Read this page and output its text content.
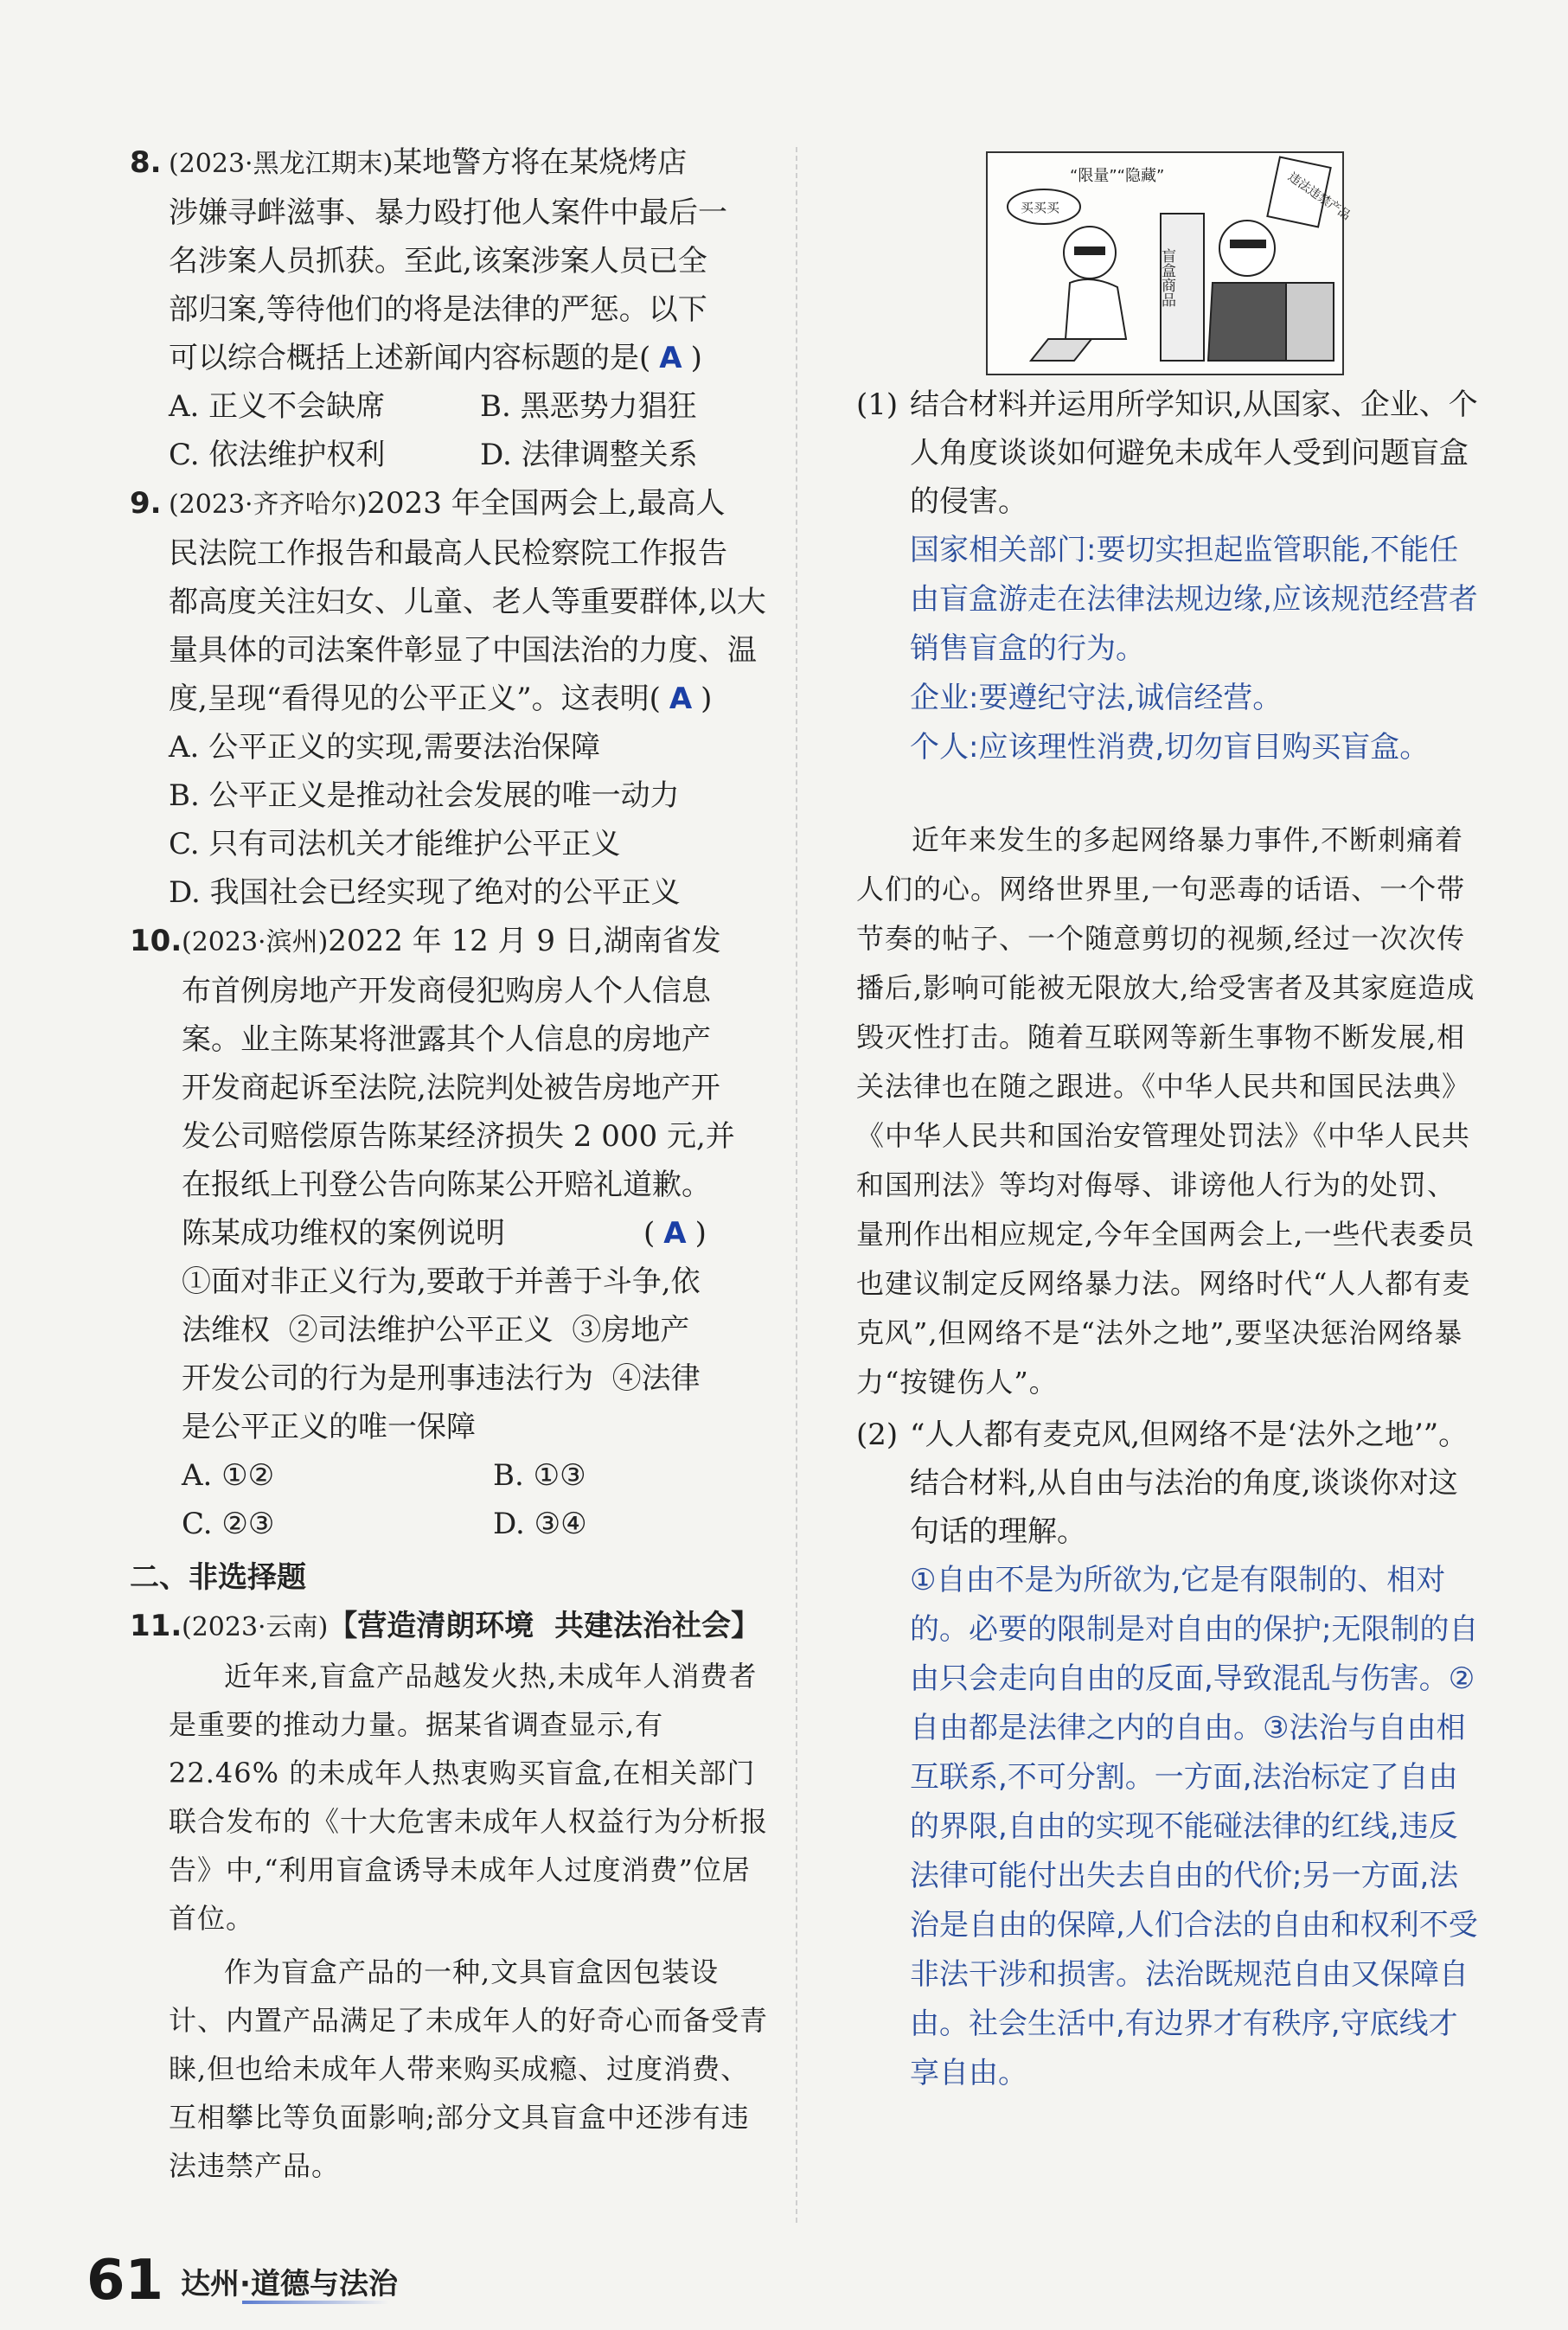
8. (2023·黑龙江期末)某地警方将在某烧烤店
涉嫌寻衅滋事、暴力殴打他人案件中最后一
名涉案人员抓获。至此,该案涉案人员已全
部归案,等待他们的将是法律的严惩。以下
可以综合概括上述新闻内容标题的是( A )
A. 正义不会缺席	B. 黑恶势力猖狂
C. 依法维护权利	D. 法律调整关系
9. (2023·齐齐哈尔)2023 年全国两会上,最高人
民法院工作报告和最高人民检察院工作报告
都高度关注妇女、儿童、老人等重要群体,以大
量具体的司法案件彰显了中国法治的力度、温
度,呈现“看得见的公平正义”。这表明( A )
A. 公平正义的实现,需要法治保障
B. 公平正义是推动社会发展的唯一动力
C. 只有司法机关才能维护公平正义
D. 我国社会已经实现了绝对的公平正义
10. (2023·滨州)2022 年 12 月 9 日,湖南省发
布首例房地产开发商侵犯购房人个人信息
案。业主陈某将泄露其个人信息的房地产
开发商起诉至法院,法院判处被告房地产开
发公司赔偿原告陈某经济损失 2 000 元,并
在报纸上刊登公告向陈某公开赔礼道歉。
陈某成功维权的案例说明	( A )
①面对非正义行为,要敢于并善于斗争,依
法维权  ②司法维护公平正义  ③房地产
开发公司的行为是刑事违法行为  ④法律
是公平正义的唯一保障
A. ①②	B. ①③
C. ②③	D. ③④
二、非选择题
11. (2023·云南)【营造清朗环境  共建法治社会】

近年来,盲盒产品越发火热,未成年人消费者是重要的推动力量。据某省调查显示,有 22.46% 的未成年人热衷购买盲盒,在相关部门联合发布的《十大危害未成年人权益行为分析报告》中,“利用盲盒诱导未成年人过度消费”位居首位。

作为盲盒产品的一种,文具盲盒因包装设计、内置产品满足了未成年人的好奇心而备受青睐,但也给未成年人带来购买成瘾、过度消费、互相攀比等负面影响;部分文具盲盒中还涉有违法违禁产品。

“限量”“隐藏”
买买买
盲盒商品
违法违禁产品
(1) 结合材料并运用所学知识,从国家、企业、个人角度谈谈如何避免未成年人受到问题盲盒的侵害。

国家相关部门:要切实担起监管职能,不能任由盲盒游走在法律法规边缘,应该规范经营者销售盲盒的行为。

企业:要遵纪守法,诚信经营。

个人:应该理性消费,切勿盲目购买盲盒。

近年来发生的多起网络暴力事件,不断刺痛着人们的心。网络世界里,一句恶毒的话语、一个带节奏的帖子、一个随意剪切的视频,经过一次次传播后,影响可能被无限放大,给受害者及其家庭造成毁灭性打击。随着互联网等新生事物不断发展,相关法律也在随之跟进。《中华人民共和国民法典》《中华人民共和国治安管理处罚法》《中华人民共和国刑法》等均对侮辱、诽谤他人行为的处罚、量刑作出相应规定,今年全国两会上,一些代表委员也建议制定反网络暴力法。网络时代“人人都有麦克风”,但网络不是“法外之地”,要坚决惩治网络暴力“按键伤人”。

(2) “人人都有麦克风,但网络不是‘法外之地’”。结合材料,从自由与法治的角度,谈谈你对这句话的理解。

①自由不是为所欲为,它是有限制的、相对的。必要的限制是对自由的保护;无限制的自由只会走向自由的反面,导致混乱与伤害。②自由都是法律之内的自由。③法治与自由相互联系,不可分割。一方面,法治标定了自由的界限,自由的实现不能碰法律的红线,违反法律可能付出失去自由的代价;另一方面,法治是自由的保障,人们合法的自由和权利不受非法干涉和损害。法治既规范自由又保障自由。社会生活中,有边界才有秩序,守底线才享自由。

61 达州·道德与法治
